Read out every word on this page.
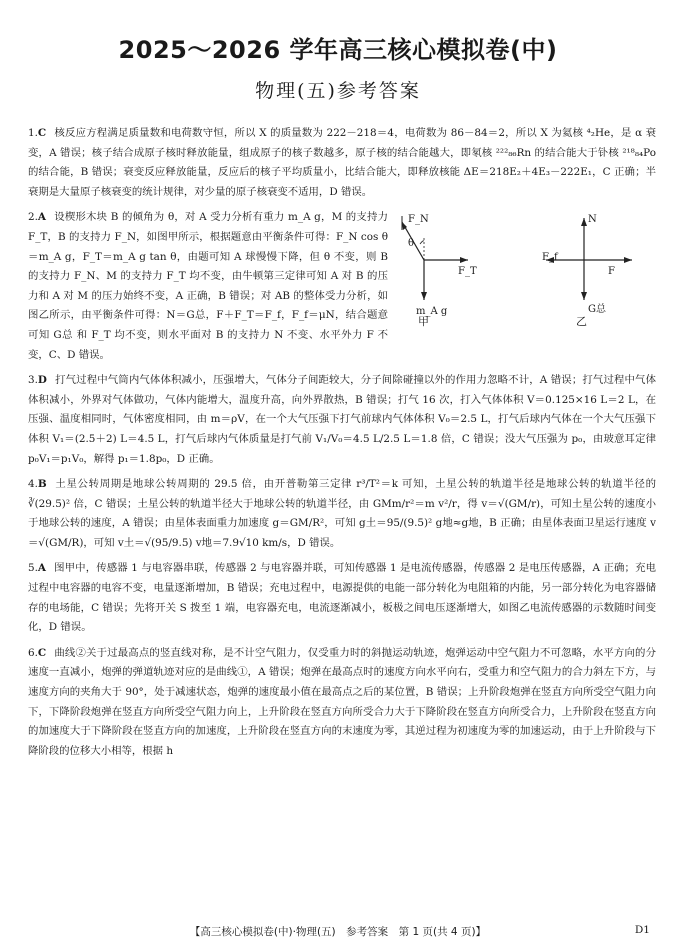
2025～2026 学年高三核心模拟卷(中)
物理(五)参考答案
1.C 核反应方程满足质量数和电荷数守恒，所以 X 的质量数为 222－218＝4，电荷数为 86－84＝2，所以 X 为氦核 ⁴₂He，是 α 衰变，A 错误；核子结合成原子核时释放能量，组成原子的核子数越多，原子核的结合能越大，即氡核 ²²²₈₆Rn 的结合能大于钋核 ²¹⁸₈₄Po 的结合能，B 错误；衰变反应释放能量，反应后的核子平均质量小，比结合能大，即释放核能 ΔE＝218E₂＋4E₃－222E₁，C 正确；半衰期是大量原子核衰变的统计规律，对少量的原子核衰变不适用，D 错误。
F_N
θ
F_T
m_A g
甲
N
F_f
F
G总
乙
2.A 设楔形木块 B 的倾角为 θ，对 A 受力分析有重力 m_A g，M 的支持力 F_T，B 的支持力 F_N，如图甲所示，根据题意由平衡条件可得：F_N cos θ＝m_A g，F_T＝m_A g tan θ，由题可知 A 球慢慢下降，但 θ 不变，则 B 的支持力 F_N、M 的支持力 F_T 均不变，由牛顿第三定律可知 A 对 B 的压力和 A 对 M 的压力始终不变，A 正确，B 错误；对 AB 的整体受力分析，如图乙所示，由平衡条件可得：N＝G总，F＋F_T＝F_f，F_f＝μN，结合题意可知 G总 和 F_T 均不变，则水平面对 B 的支持力 N 不变、水平外力 F 不变，C、D 错误。
3.D 打气过程中气筒内气体体积减小，压强增大，气体分子间距较大，分子间除碰撞以外的作用力忽略不计，A 错误；打气过程中气体体积减小，外界对气体做功，气体内能增大，温度升高，向外界散热，B 错误；打气 16 次，打入气体体积 V＝0.125×16 L＝2 L，在压强、温度相同时，气体密度相同，由 m＝ρV，在一个大气压强下打气前球内气体体积 V₀＝2.5 L，打气后球内气体在一个大气压强下体积 V₁＝(2.5＋2) L＝4.5 L，打气后球内气体质量是打气前 V₁/V₀＝4.5 L/2.5 L＝1.8 倍，C 错误；没大气压强为 p₀，由玻意耳定律 p₀V₁＝p₁V₀，解得 p₁＝1.8p₀，D 正确。
4.B 土星公转周期是地球公转周期的 29.5 倍，由开普勒第三定律 r³/T²＝k 可知，土星公转的轨道半径是地球公转的轨道半径的 ∛(29.5)² 倍，C 错误；土星公转的轨道半径大于地球公转的轨道半径，由 GMm/r²＝m v²/r，得 v＝√(GM/r)，可知土星公转的速度小于地球公转的速度，A 错误；由星体表面重力加速度 g＝GM/R²，可知 g土＝95/(9.5)² g地≈g地，B 正确；由星体表面卫星运行速度 v＝√(GM/R)，可知 v土＝√(95/9.5) v地＝7.9√10 km/s，D 错误。
5.A 图甲中，传感器 1 与电容器串联，传感器 2 与电容器并联，可知传感器 1 是电流传感器，传感器 2 是电压传感器，A 正确；充电过程中电容器的电容不变，电量逐渐增加，B 错误；充电过程中，电源提供的电能一部分转化为电阻箱的内能，另一部分转化为电容器储存的电场能，C 错误；先将开关 S 拨至 1 端，电容器充电，电流逐渐减小，板极之间电压逐渐增大，如图乙电流传感器的示数随时间变化，D 错误。
6.C 曲线②关于过最高点的竖直线对称，是不计空气阻力，仅受重力时的斜抛运动轨迹，炮弹运动中空气阻力不可忽略，水平方向的分速度一直减小，炮弹的弹道轨迹对应的是曲线①，A 错误；炮弹在最高点时的速度方向水平向右，受重力和空气阻力的合力斜左下方，与速度方向的夹角大于 90°，处于减速状态，炮弹的速度最小值在最高点之后的某位置，B 错误；上升阶段炮弹在竖直方向所受空气阻力向下，下降阶段炮弹在竖直方向所受空气阻力向上，上升阶段在竖直方向所受合力大于下降阶段在竖直方向所受合力，上升阶段在竖直方向的加速度大于下降阶段在竖直方向的加速度，上升阶段在竖直方向的末速度为零，其逆过程为初速度为零的加速运动，由于上升阶段与下降阶段的位移大小相等，根据 h
【高三核心模拟卷(中)·物理(五)　参考答案　第 1 页(共 4 页)】	D1
